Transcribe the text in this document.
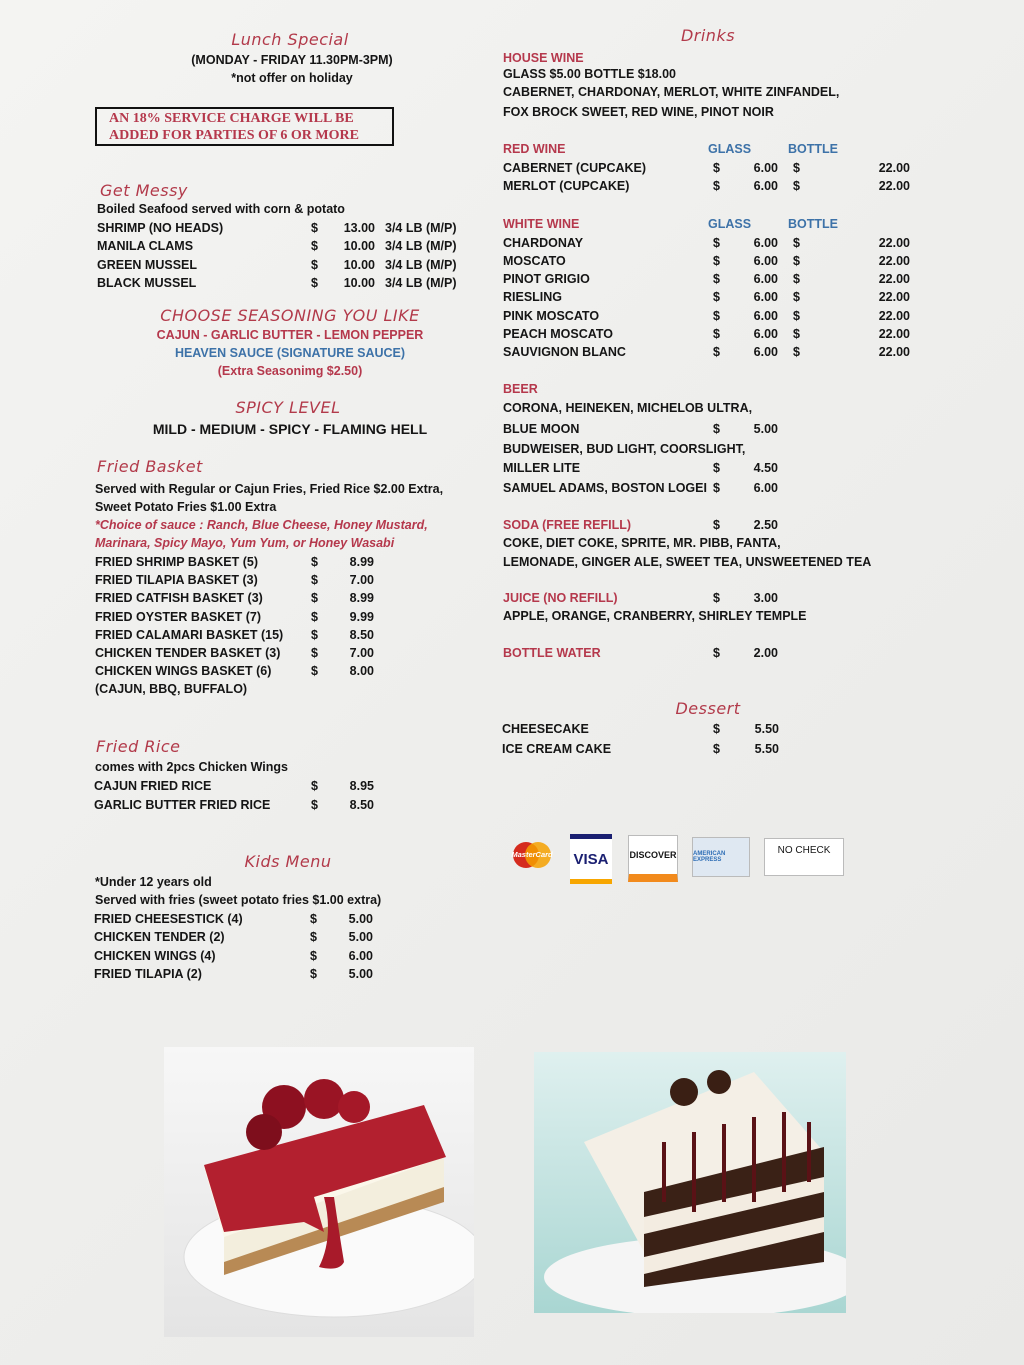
Lunch Special
(MONDAY - FRIDAY 11.30PM-3PM)
*not offer on holiday
Get Messy
Boiled Seafood served with corn & potato
SHRIMP (NO HEADS)	$ 13.00 3/4 LB (M/P)
MANILA CLAMS	$ 10.00 3/4 LB (M/P)
GREEN MUSSEL	$ 10.00 3/4 LB (M/P)
BLACK MUSSEL	$ 10.00 3/4 LB (M/P)
CHOOSE SEASONING YOU LIKE
CAJUN - GARLIC BUTTER - LEMON PEPPER
HEAVEN SAUCE (SIGNATURE SAUCE)
(Extra Seasonimg $2.50)
SPICY LEVEL
MILD - MEDIUM - SPICY - FLAMING HELL
Fried Basket
Served with Regular or Cajun Fries, Fried Rice $2.00 Extra,
Sweet Potato Fries $1.00 Extra
*Choice of sauce : Ranch, Blue Cheese, Honey Mustard,
Marinara, Spicy Mayo, Yum Yum, or Honey Wasabi
FRIED SHRIMP BASKET (5)	$	8.99
FRIED TILAPIA BASKET (3)	$	7.00
FRIED CATFISH BASKET (3)	$	8.99
FRIED OYSTER BASKET (7)	$	9.99
FRIED CALAMARI BASKET (15) $	8.50
CHICKEN TENDER BASKET (3) $	7.00
CHICKEN WINGS BASKET (6)	$	8.00
(CAJUN, BBQ, BUFFALO)
Fried Rice
comes with 2pcs Chicken Wings
CAJUN FRIED RICE	$	8.95
GARLIC BUTTER FRIED RICE	$	8.50
Kids Menu
*Under 12 years old
Served with fries (sweet potato fries $1.00 extra)
FRIED CHEESESTICK (4)	$	5.00
CHICKEN TENDER (2)	$	5.00
CHICKEN WINGS (4)	$	6.00
FRIED TILAPIA (2)	$	5.00
Drinks
HOUSE WINE
GLASS $5.00 BOTTLE $18.00
CABERNET, CHARDONAY, MERLOT, WHITE ZINFANDEL,
FOX BROCK SWEET, RED WINE, PINOT NOIR
RED WINE	GLASS	BOTTLE
CABERNET (CUPCAKE)	$	6.00 $	22.00
MERLOT (CUPCAKE)	$	6.00 $	22.00
WHITE WINE	GLASS	BOTTLE
CHARDONAY	$	6.00 $	22.00
MOSCATO	$	6.00 $	22.00
PINOT GRIGIO	$	6.00 $	22.00
RIESLING	$	6.00 $	22.00
PINK MOSCATO	$	6.00 $	22.00
PEACH MOSCATO	$	6.00 $	22.00
SAUVIGNON BLANC	$	6.00 $	22.00
BEER
CORONA, HEINEKEN, MICHELOB ULTRA,
BLUE MOON	$	5.00
BUDWEISER, BUD LIGHT, COORSLIGHT,
MILLER LITE	$	4.50
SAMUEL ADAMS, BOSTON LOGEI $	6.00
SODA (FREE REFILL)	$	2.50
COKE, DIET COKE, SPRITE, MR. PIBB, FANTA,
LEMONADE, GINGER ALE, SWEET TEA, UNSWEETENED TEA
JUICE (NO REFILL)	$	3.00
APPLE, ORANGE, CRANBERRY, SHIRLEY TEMPLE
BOTTLE WATER	$	2.00
Dessert
CHEESECAKE	$	5.50
ICE CREAM CAKE	$	5.50
MasterCard VISA	DISCOVER	AMERICAN EXPRESS
NO CHECK
AN 18% SERVICE CHARGE WILL BE
ADDED FOR PARTIES OF 6 OR MORE
